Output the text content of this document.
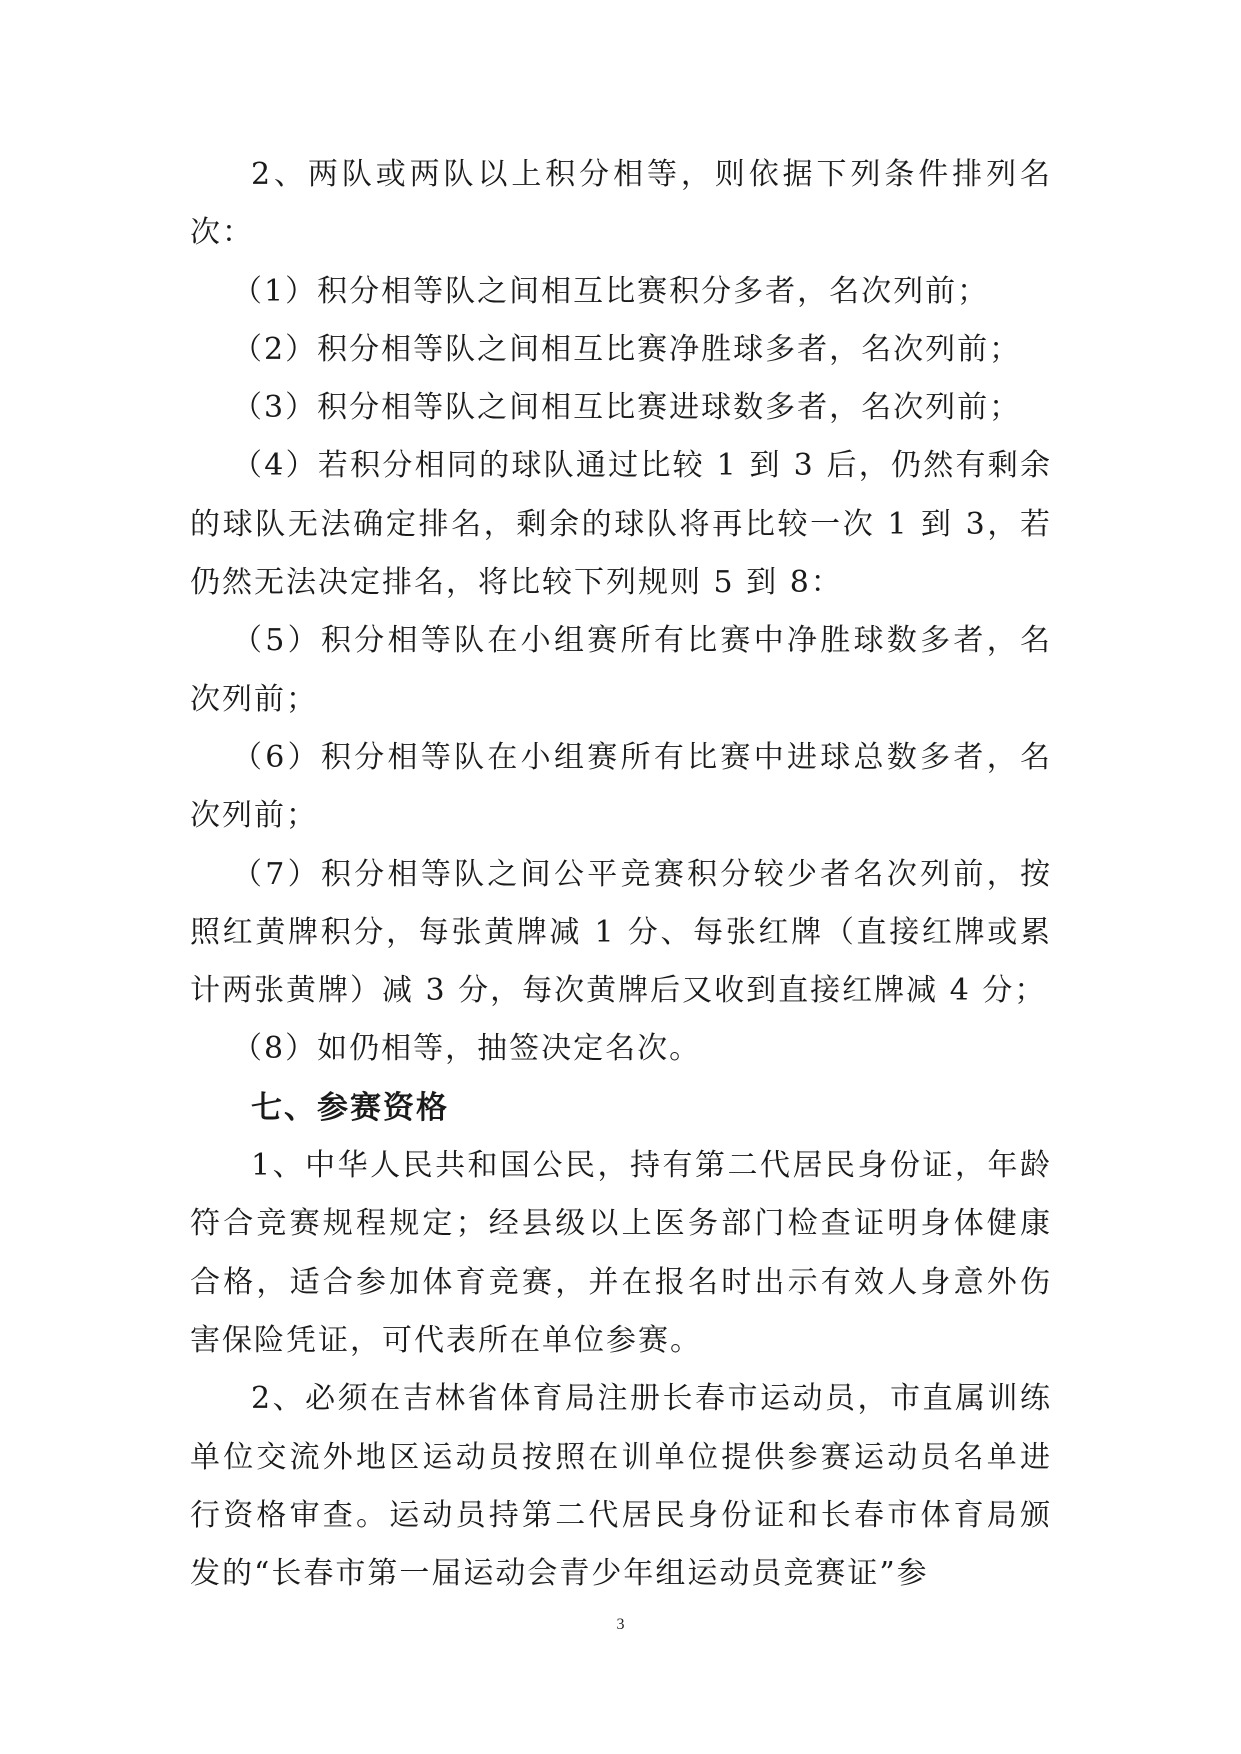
2、两队或两队以上积分相等，则依据下列条件排列名次：

（1）积分相等队之间相互比赛积分多者，名次列前；

（2）积分相等队之间相互比赛净胜球多者，名次列前；

（3）积分相等队之间相互比赛进球数多者，名次列前；

（4）若积分相同的球队通过比较 1 到 3 后，仍然有剩余的球队无法确定排名，剩余的球队将再比较一次 1 到 3，若仍然无法决定排名，将比较下列规则 5 到 8：

（5）积分相等队在小组赛所有比赛中净胜球数多者，名次列前；

（6）积分相等队在小组赛所有比赛中进球总数多者，名次列前；

（7）积分相等队之间公平竞赛积分较少者名次列前，按照红黄牌积分，每张黄牌减 1 分、每张红牌（直接红牌或累计两张黄牌）减 3 分，每次黄牌后又收到直接红牌减 4 分；

（8）如仍相等，抽签决定名次。

七、参赛资格

1、中华人民共和国公民，持有第二代居民身份证，年龄符合竞赛规程规定；经县级以上医务部门检查证明身体健康合格，适合参加体育竞赛，并在报名时出示有效人身意外伤害保险凭证，可代表所在单位参赛。

2、必须在吉林省体育局注册长春市运动员，市直属训练单位交流外地区运动员按照在训单位提供参赛运动员名单进行资格审查。运动员持第二代居民身份证和长春市体育局颁发的“长春市第一届运动会青少年组运动员竞赛证”参

3
